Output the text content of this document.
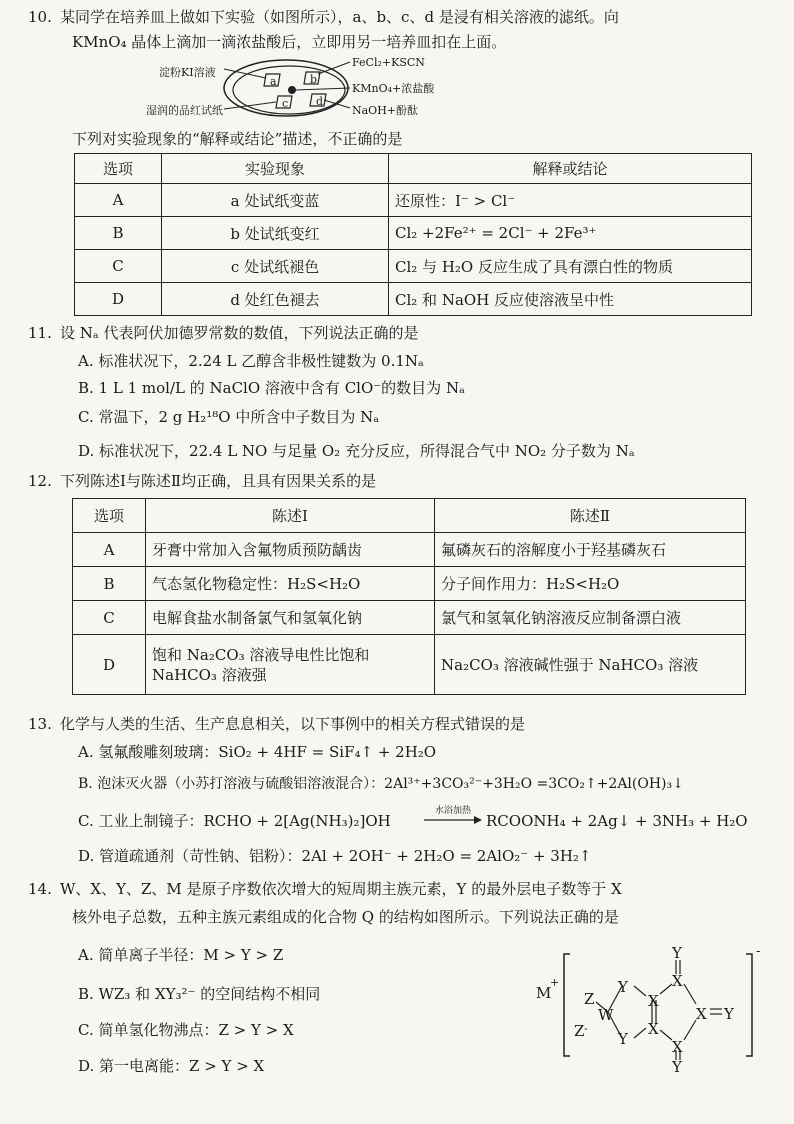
10. 某同学在培养皿上做如下实验（如图所示），a、b、c、d 是浸有相关溶液的滤纸。向
KMnO₄ 晶体上滴加一滴浓盐酸后，立即用另一培养皿扣在上面。
淀粉KI溶液
湿润的品红试纸
FeCl₂+KSCN
KMnO₄+浓盐酸
NaOH+酚酞
a	b
c	d
下列对实验现象的“解释或结论”描述，不正确的是
选项	实验现象	解释或结论
A	a 处试纸变蓝	还原性：I⁻ > Cl⁻
B	b 处试纸变红	Cl₂ +2Fe²⁺ = 2Cl⁻ + 2Fe³⁺
C	c 处试纸褪色	Cl₂ 与 H₂O 反应生成了具有漂白性的物质
D	d 处红色褪去	Cl₂ 和 NaOH 反应使溶液呈中性
11. 设 Nₐ 代表阿伏加德罗常数的数值，下列说法正确的是
A. 标准状况下，2.24 L 乙醇含非极性键数为 0.1Nₐ
B. 1 L 1 mol/L 的 NaClO 溶液中含有 ClO⁻的数目为 Nₐ
C. 常温下，2 g H₂¹⁸O 中所含中子数目为 Nₐ
D. 标准状况下，22.4 L NO 与足量 O₂ 充分反应，所得混合气中 NO₂ 分子数为 Nₐ
12. 下列陈述Ⅰ与陈述Ⅱ均正确，且具有因果关系的是
选项	陈述Ⅰ	陈述Ⅱ
A	牙膏中常加入含氟物质预防龋齿	氟磷灰石的溶解度小于羟基磷灰石
B	气态氢化物稳定性：H₂S<H₂O	分子间作用力：H₂S<H₂O
C	电解食盐水制备氯气和氢氧化钠	氯气和氢氧化钠溶液反应制备漂白液
D	饱和 Na₂CO₃ 溶液导电性比饱和 NaHCO₃ 溶液强	Na₂CO₃ 溶液碱性强于 NaHCO₃ 溶液
13. 化学与人类的生活、生产息息相关，以下事例中的相关方程式错误的是
A. 氢氟酸雕刻玻璃：SiO₂ + 4HF = SiF₄↑ + 2H₂O
B. 泡沫灭火器（小苏打溶液与硫酸铝溶液混合）：2Al³⁺+3CO₃²⁻+3H₂O =3CO₂↑+2Al(OH)₃↓
C. 工业上制镜子：RCHO + 2[Ag(NH₃)₂]OH
水浴加热
→ RCOONH₄ + 2Ag↓ + 3NH₃ + H₂O
D. 管道疏通剂（苛性钠、铝粉）：2Al + 2OH⁻ + 2H₂O = 2AlO₂⁻ + 3H₂↑
14. W、X、Y、Z、M 是原子序数依次增大的短周期主族元素，Y 的最外层电子数等于 X
核外电子总数，五种主族元素组成的化合物 Q 的结构如图所示。下列说法正确的是
A. 简单离子半径：M > Y > Z
B. WZ₃ 和 XY₃²⁻ 的空间结构不相同
C. 简单氢化物沸点：Z > Y > X
D. 第一电离能：Z > Y > X
M
+
Z
Z -
W
Y
Y
X
X
X
X
Y
Y
X Y
-
